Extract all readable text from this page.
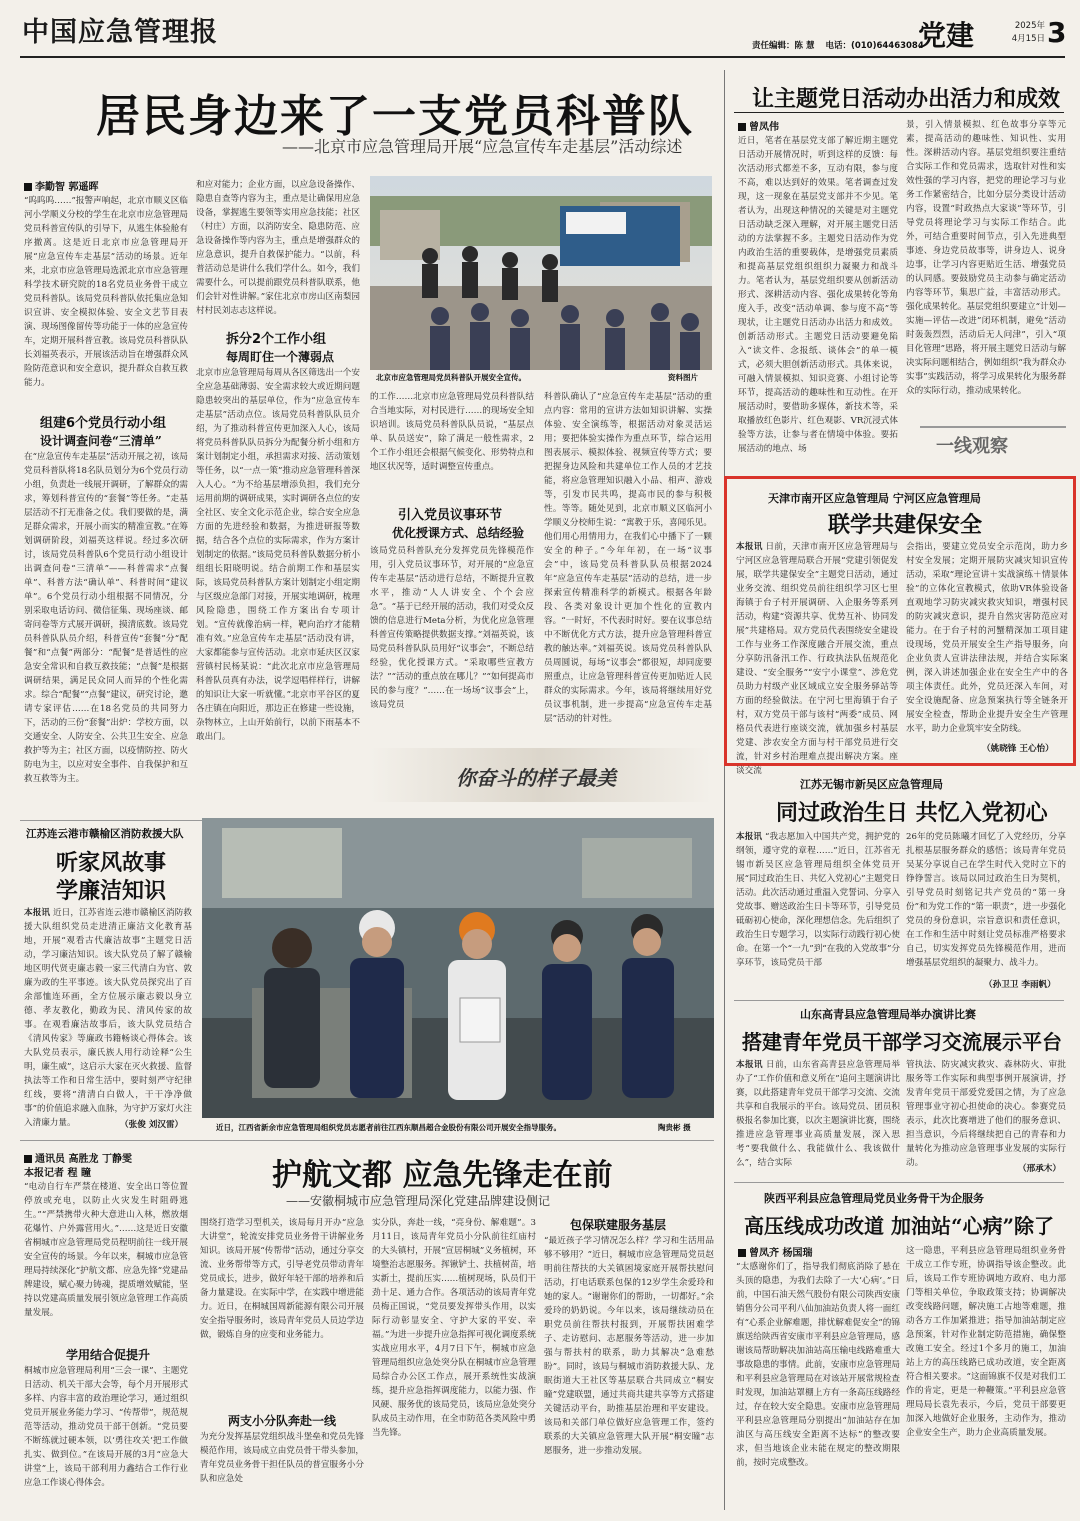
中国应急管理报	责任编辑：陈 慧 电话：(010)64463084
党建	2025年
4月15日 3
居民身边来了一支党员科普队
——北京市应急管理局开展“应急宣传车走基层”活动综述
李勤智 郭遥晖
“呜呜呜……”报警声响起，北京市顺义区临河小学顺义分校的学生在北京市应急管理局党员科普宣传队的引导下，从逃生体验舱有序撤离。这是近日北京市应急管理局开展“应急宣传车走基层”活动的场景。近年来，北京市应急管理局选派北京市应急管理科学技术研究院的18名党员业务骨干成立党员科普队。该局党员科普队依托集应急知识宣讲、安全模拟体验、安全文艺节目表演、现场图像留传等功能于一体的应急宣传车，定期开展科普宣教。该局党员科普队队长刘福英表示，开展该活动旨在增强群众风险防范意识和安全意识，提升群众自救互救能力。
组建6个党员行动小组
设计调查问卷“三清单”
在“应急宣传车走基层”活动开展之初，该局党员科普队将18名队员划分为6个党员行动小组，负责赴一线展开调研，了解群众的需求，筹划科普宣传的“套餐”等任务。“走基层活动不打无准备之仗。我们要做的是，满足群众需求，开展小而实的精准宣教。”在筹划调研阶段，刘福英这样说。经过多次研讨，该局党员科普队6个党员行动小组设计出调查问卷“三清单”——科普需求“点餐单”、科普方法“确认单”、科普时间“建议单”。6个党员行动小组根据不同情况，分别采取电话访问、微信征集、现场座谈、邮寄问卷等方式展开调研，摸清底数。该局党员科普队队员介绍，科普宣传“套餐”分“配餐”和“点餐”两部分：“配餐”是普适性的应急安全常识和自救互救技能；“点餐”是根据调研结果，满足民众同人而异的个性化需求。综合“配餐”“点餐”建议，研究讨论，邀请专家评估……在18名党员的共同努力下，活动的三份“套餐”出炉：学校方面，以交通安全、人防安全、公共卫生安全、应急救护等为主；社区方面，以疫情防控、防火防电为主，以应对安全事件、自我保护和互救互救等为主。
和应对能力；企业方面，以应急设备操作、隐患自查等内容为主，重点是让确保用应急设备，掌握逃生要领等实用应急技能；社区（村庄）方面，以消防安全、隐患防范、应急设备操作等内容为主，重点是增强群众的应急意识，提升自救保护能力。“以前，科普活动总是讲什么我们学什么。如今，我们需要什么，可以提前跟党员科普队联系，他们会针对性讲解。”家住北京市房山区南梨园村村民刘志志这样说。
拆分2个工作小组
每周盯住一个薄弱点
北京市应急管理局每周从各区筛选出一个安全应急基础薄弱、安全需求较大或近期问题隐患较突出的基层单位，作为“应急宣传车走基层”活动点位。该局党员科普队队员介绍，为了推动科普宣传更加深入人心，该局将党员科普队队员拆分为配餐分析小组和方案计划制定小组，承担需求对接、活动策划等任务，以“一点一策”推动应急管理科普深入人心。“为不给基层增添负担，我们充分运用前期的调研成果，实时调研各点位的安全社区、安全文化示范企业，综合安全应急方面的先进经验和数据，为推进研报等数据，结合各个点位的实际需求，作为方案计划制定的依据。”该局党员科普队数据分析小组组长阳晓明说。结合前期工作和基层实际，该局党员科普队方案计划制定小组定期与区级应急部门对接，开展实地调研，梳理风险隐患，围绕工作方案出台专项计划。“宣传就像治病一样，靶向治疗才能精准有效。”应急宣传车走基层”活动没有讲，大家都能参与宣传活动。北京市延庆区汉家营镇村民杨某说：“此次北京市应急管理局科普队员真有办法，说学逗唱样样行，讲解的知识让大家一听就懂。”北京市平谷区的夏各庄镇在向阳近，那边正在修建一些设施，杂物林立，上山开始前行，以前下雨基本不敢出门。
北京市应急管理局党员科普队开展安全宣传。	资料图片
的工作……北京市应急管理局党员科普队结合当地实际，对村民进行……的现场安全知识培训。该局党员科普队队员说，“基层点单、队员送安”，除了满足一般性需求，2个工作小组还会根据气候变化、形势特点和地区状况等，适时调整宣传重点。
引入党员议事环节
优化授课方式、总结经验
该局党员科普队充分发挥党员先锋模范作用，引入党员议事环节，对开展的“应急宣传车走基层”活动进行总结，不断提升宣教水平，推动“人人讲安全、个个会应急”。“基于已经开展的活动，我们对受众反馈的信息进行Meta分析，为优化应急管理科普宣传策略提供数据支撑。”刘福英说，该局党员科普队队员用好“议事会”，不断总结经验，优化授课方式。“采取哪些宣教方法？”“活动的重点放在哪儿？”“如何提高市民的参与度？”……在一场场“议事会”上，该局党员
科普队确认了“应急宣传车走基层”活动的重点内容：常用的宣讲方法如知识讲解、实操体验、安全演练等，根据活动对象灵活运用；要把体验实操作为重点环节，综合运用图表展示、模拟体验、视频宣传等方式；要把握身边风险和共建单位工作人员的才艺技能，将应急管理知识融入小品、相声、游戏等，引发市民共鸣，提高市民的参与积极性。等等。随处见到，北京市顺义区临河小学顺义分校师生说：“寓教于乐，喜闻乐见。他们用心用情用力，在我们心中播下了一颗安全的种子。”今年年初，在一场“议事会”中，该局党员科普队队员根据2024年“应急宣传车走基层”活动的总结，进一步探索宣传精准科学的新模式。根据各年龄段、各类对象设计更加个性化的宣教内容。“一时好，不代表时时好。要在议事总结中不断优化方式方法，提升应急管理科普宣教的触达率。”刘福英说。该局党员科普队队员周圆说，每场“议事会”都很短，却同庞要照重点，让应急管理科普宣传更加贴近人民群众的实际需求。今年，该局将继续用好党员议事机制，进一步提高“应急宣传车走基层”活动的针对性。
你奋斗的样子最美
让主题党日活动办出活力和成效
曾凤伟
近日，笔者在基层党支部了解近期主题党日活动开展情况时，听到这样的反馈：每次活动形式都差不多，互动有限，参与度不高，难以达到好的效果。笔者调查过发现，这一现象在基层党支部并不少见。笔者认为，出现这种情况的关键是对主题党日活动缺乏深入理解，对开展主题党日活动的方法掌握不多。主题党日活动作为党内政治生活的重要载体，是增强党员素质和提高基层党组织组织力凝聚力和战斗力。笔者认为，基层党组织要从创新活动形式、深耕活动内容、强化成果转化等角度入手，改变“活动单调、参与度不高”等现状，让主题党日活动办出活力和成效。创新活动形式。主题党日活动要避免陷入“读文件、念报纸、谈体会”的单一模式，必须大胆创新活动形式。具体来说，可融入情景模拟、知识竞赛、小组讨论等环节，提高活动的趣味性和互动性。在开展活动时，要借助多媒体，新技术等，采取播放红色影片、红色观影、VR沉浸式体验等方法，让参与者在情境中体验。要拓展活动的地点、场
景，引入情景模拟、红色故事分享等元素，提高活动的趣味性、知识性、实用性。深耕活动内容。基层党组织要注重结合实际工作和党员需求，选取针对性和实效性强的学习内容，把党的理论学习与业务工作紧密结合，比如分层分类设计活动内容，设置“时政热点大家谈”等环节，引导党员将理论学习与实际工作结合。此外，可结合重要时间节点，引入先进典型事迹、身边党员故事等，讲身边人、说身边事，让学习内容更贴近生活、增强党员的认同感。要鼓励党员主动参与确定活动内容等环节，集思广益，丰富活动形式。强化成果转化。基层党组织要建立“计划—实施—评估—改进”闭环机制，避免“活动时轰轰烈烈，活动后无人问津”，引入“项目化管理”思路，将开展主题党日活动与解决实际问题相结合，例如组织“我为群众办实事”实践活动，将学习成果转化为服务群众的实际行动，推动成果转化。
一线观察
天津市南开区应急管理局 宁河区应急管理局
联学共建保安全
本报讯 日前，天津市南开区应急管理局与宁河区应急管理局联合开展“党建引领促发展，联学共建保安全”主题党日活动，通过业务交流、组织党员前往组织学习区七里海镇于台子村开展调研、入企服务等系列活动，构建“资源共享、优势互补、协同发展”共建格局。双方党员代表围绕安全建设工作与业务工作深度融合开展交流，重点分享防汛备汛工作、行政执法队伍规范化建设、“安全服务”“安宁小课堂”、涉危党员助力村级产业区域成立安全服务驿站等方面的经验做法。在宁河七里海镇于台子村，双方党员干部与该村“两委”成员、网格员代表进行座谈交流，就加强乡村基层党建、涉农安全方面与村干部党员进行交流，针对乡村治理难点提出解决方案。座谈交流
会指出，要建立党员安全示范岗，助力乡村安全发展；定期开展防灾减灾知识宣传活动，采取“理论宣讲＋实战演练＋情景体验”的立体化宣教模式，依助VR体验设备直观地学习防灾减灾救灾知识，增强村民的防灾减灾意识，提升自然灾害防范应对能力。在于台子村的河蟹精深加工项目建设现场，党员开展安全生产指导服务，向企业负责人宣讲法律法规，并结合实际案例，深入讲述加强企业在安全生产中的各项主体责任。此外，党员还深入车间，对安全设施配备、应急预案执行等全链条开展安全检查，帮助企业提升安全生产管理水平，助力企业筑牢安全防线。
（姚晓锋 王心怡）
江苏无锡市新吴区应急管理局
同过政治生日 共忆入党初心
本报讯 “我志愿加入中国共产党，拥护党的纲领，遵守党的章程……”近日，江苏省无锡市新吴区应急管理局组织全体党员开展“同过政治生日、共忆入党初心”主题党日活动。此次活动通过重温入党誓词、分享入党故事、赠送政治生日卡等环节，引导党员砥砺初心使命，深化理想信念。先后组织了政治生日专题学习，以实际行动践行初心使命。在第一个“一九”到“在我的入党故事”分享环节，该局党员干部
26年的党员陈曦才回忆了入党经历，分享扎根基层服务群众的感悟；该局青年党员吴某分享说自己在学生时代入党时立下的铮铮誓言。该局以同过政治生日为契机，引导党员时刻铭记共产党员的“第一身份”和为党工作的“第一职责”，进一步强化党员的身份意识，宗旨意识和责任意识，在工作和生活中时刻让党员标准严格要求自己，切实发挥党员先锋模范作用，进而增强基层党组织的凝聚力、战斗力。
（孙卫卫 李雨帆）
山东高青县应急管理局举办演讲比赛
搭建青年党员干部学习交流展示平台
本报讯 日前，山东省高青县应急管理局举办了“工作价值和意义所在”追问主题演讲比赛，以此搭建青年党员干部学习交流、交流共享和自我展示的平台。该局党员、团员积极报名参加比赛，以次主题演讲比赛，围绕推进应急管理事业高质量发展，深入思考“要我做什么、我能做什么、我该做什么”，结合实际
管执法、防灾减灾救灾、森林防火、审批服务等工作实际和典型事例开展演讲，抒发青年党员干部爱党爱国之情，为了应急管理事业守初心担使命的决心。参赛党员表示，此次比赛增进了他们的服务意识、担当意识，今后将继续把自己的青春和力量转化为推动应急管理事业发展的实际行动。
（邢承木）
陕西平利县应急管理局党员业务骨干为企服务
高压线成功改道 加油站“心病”除了
曾凤齐 杨国瑞
“太感谢你们了，指导我们彻底消除了悬在头顶的隐患，为我们去除了一大‘心病’。”日前，中国石油天然气股份有限公司陕西安康销售分公司平利八仙加油站负责人将一面红有“心系企业解难题，排忧解难促安全”的锦旗送给陕西省安康市平利县应急管理局，感谢该局帮助解决加油站高压输电线路难重大事故隐患的事情。此前，安康市应急管理局和平利县应急管理局在对该站开展常规检查时发现，加油站罩棚上方有一条高压线路经过，存在较大安全隐患。安康市应急管理局平利县应急管理局分别提出“加油站存在加油区与高压线安全距离不达标”的整改要求，但当地该企业未能在规定的整改期限前，按时完成整改。
这一隐患，平利县应急管理局组织业务骨干成立工作专班，协调指导该企整改。此后，该局工作专班协调地方政府、电力部门等相关单位，争取政策支持；协调解决改变线路问题，解决施工占地等难题，推动各方工作加紧推进；指导加油站制定应急预案，针对作业制定防范措施，确保整改施工安全。经过1个多月的施工，加油站上方的高压线路已成功改道，安全距离符合相关要求。“这面锦旗不仅是对我们工作的肯定，更是一种鞭策。”平利县应急管理局局长袁先表示，今后，党员干部要更加深入地做好企业服务，主动作为，推动企业安全生产，助力企业高质量发展。
江苏连云港市赣榆区消防救援大队
听家风故事
学廉洁知识
本报讯 近日，江苏省连云港市赣榆区消防救援大队组织党员走进清正廉洁文化教育基地，开展“观看古代廉洁故事”主题党日活动，学习廉洁知识。该大队党员了解了赣榆地区明代贤吏廉志毅一家三代清白为官、敦廉为政的生平事迹。该大队党员探究出了百余部恤连环画，全方位展示廉志毅以身立德、孝友教化，勤政为民、清风传家的故事。在观看廉洁故事后，该大队党员结合《清风传家》等廉政书籍畅谈心得体会。该大队党员表示，廉氏族人用行动诠释“公生明，廉生威”，这启示大家在灭火救援、监督执法等工作和日常生活中，要时刻严守纪律红线，要将“清清白白做人，干干净净做事”的价值追求融入血脉，为守护万家灯火注入清廉力量。	（张俊 刘汉雷）	近日，江西省新余市应急管理局组织党员志愿者前往江西东顺昌超合金股份有限公司开展安全指导服务。	陶贵彬 摄
通讯员 高胜龙 丁静雯
本报记者 程 瞳
“电动自行车严禁在楼道、安全出口等位置停放或充电，以防止火灾发生时阻碍逃生。”“严禁携带火种大意进山入林，燃放烟花爆竹、户外露营用火。”……这是近日安徽省桐城市应急管理局党员程明前往一线开展安全宣传的场景。今年以来，桐城市应急管理局持续深化“护航文都、应急先锋”党建品牌建设，赋心聚力铸魂，提质增效赋能，坚持以党建高质量发展引领应急管理工作高质量发展。
学用结合促提升
桐城市应急管理局利用“三会一课”、主题党日活动、机关干部大会等，每个月开展形式多样、内容丰富的政治理论学习，通过组织党员开展业务能力学习、“传帮带”，规范规范等活动，推动党员干部干创新。“党员要不断练就过硬本领，以‘勇往攻关’把工作做扎实、做到位。”在该局开展的3月“应急大讲堂”上，该局干部利用力鑫结合工作行业应急工作谈心得体会。
护航文都 应急先锋走在前
——安徽桐城市应急管理局深化党建品牌建设侧记
围绕打造学习型机关，该局每月开办“应急大讲堂”，轮流安排党员业务骨干讲解业务知识。该局开展“传帮带”活动，通过分享交流、业务帮带等方式，引导老党员带动青年党员成长，进步，做好年轻干部的培养和后备力量建设。在实际中学，在实践中增进能力。近日，在桐城国周新能源有限公司开展安全指导服务时，该局青年党员人员边学边做，锻炼自身的应变和业务能力。
两支小分队奔赴一线
为充分发挥基层党组织战斗堡垒和党员先锋模范作用，该局成立由党员骨干带头参加，青年党员业务骨干担任队员的普宣服务小分队和应急处
实分队，奔赴一线，“亮身份、解难题”。3月11日，该局青年党员小分队前往红庙村的大头镇村，开展“宣居桐城”义务植树，环境整治志愿服务。挥锹铲土、扶植树苗，培实新土，提前压实……植树现场，队员们干劲十足、通力合作。各项活动的该局青年党员梅正国说，“党员要发挥带头作用，以实际行动彰显安全、守护大家的平安、幸福。”为进一步提升应急指挥可视化调度系统实战应用水平，4月7日下午，桐城市应急管理局组织应急处突分队在桐城市应急管理局综合办公区工作点，展开系统性实战演练，提升应急指挥调度能力，以能力强、作风硬、服务优的该局党员，该局应急处突分队成员主动作用，在全市防范各类风险中勇当先锋。
包保联建服务基层
“最近孩子学习情况怎么样？学习和生活用品够不够用？”近日，桐城市应急管理局党员赵明前往帮扶的大关镇困境家庭开展帮扶慰问活动，打电话联系包保的12岁学生余爱玲和她的家人。“谢谢你们的帮助，一切都好。”余爱玲的奶奶说。今年以来，该局继续动员在职党员前往帮扶村报到，开展帮扶困难学子、走访慰问、志愿服务等活动，进一步加强与帮扶村的联系，助力其解决“急难愁盼”。同时，该局与桐城市消防救援大队、龙眠街道大王社区等基层联合共同成立“桐安瞳”党建联盟，通过共商共建共享等方式搭建关键活动平台，助推基层治理和平安建设。该局和关部门单位做好应急管理工作，签约联系的大关镇应急管理大队开展“桐安瞳”志愿服务，进一步推动发展。
